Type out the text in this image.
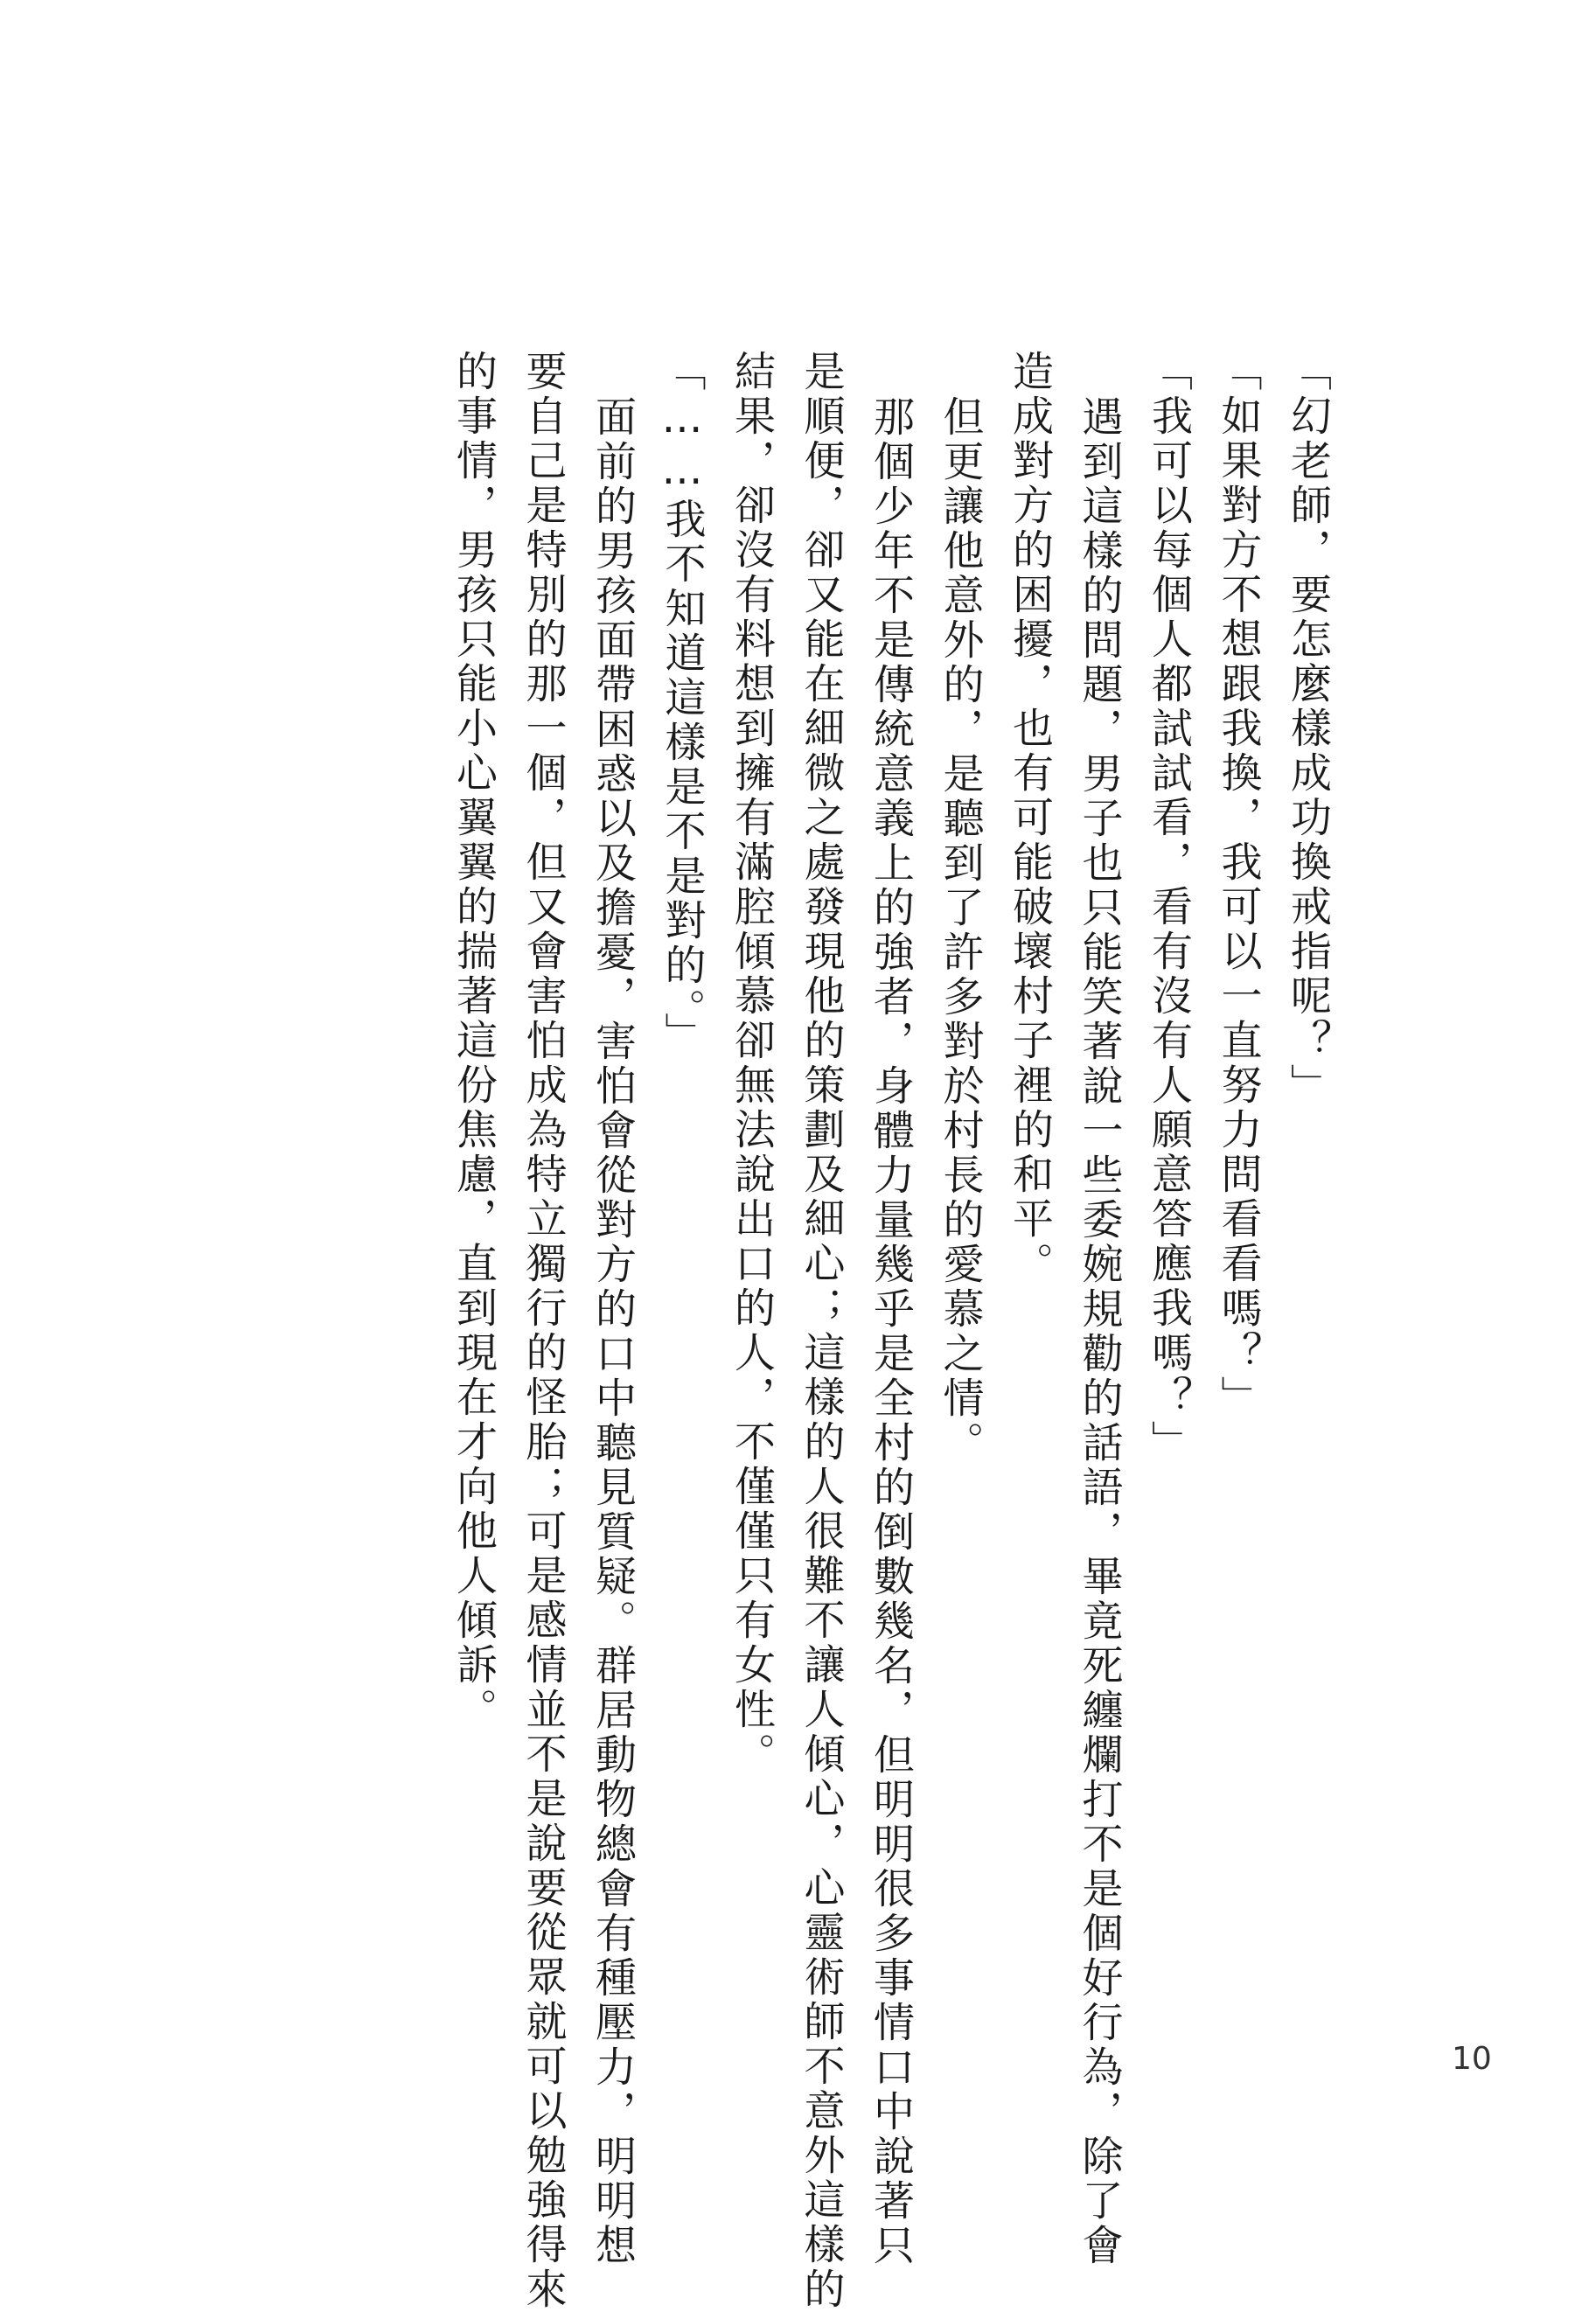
「幻老師，要怎麼樣成功換戒指呢？」

「如果對方不想跟我換，我可以一直努力問看看嗎？」

「我可以每個人都試試看，看有沒有人願意答應我嗎？」

遇到這樣的問題，男子也只能笑著說一些委婉規勸的話語，畢竟死纏爛打不是個好行為，除了會

造成對方的困擾，也有可能破壞村子裡的和平。

但更讓他意外的，是聽到了許多對於村長的愛慕之情。

那個少年不是傳統意義上的強者，身體力量幾乎是全村的倒數幾名，但明明很多事情口中說著只

是順便，卻又能在細微之處發現他的策劃及細心；這樣的人很難不讓人傾心，心靈術師不意外這樣的

結果，卻沒有料想到擁有滿腔傾慕卻無法說出口的人，不僅僅只有女性。

「……我不知道這樣是不是對的。」

面前的男孩面帶困惑以及擔憂，害怕會從對方的口中聽見質疑。群居動物總會有種壓力，明明想

要自己是特別的那一個，但又會害怕成為特立獨行的怪胎；可是感情並不是說要從眾就可以勉強得來

的事情，男孩只能小心翼翼的揣著這份焦慮，直到現在才向他人傾訴。

10
